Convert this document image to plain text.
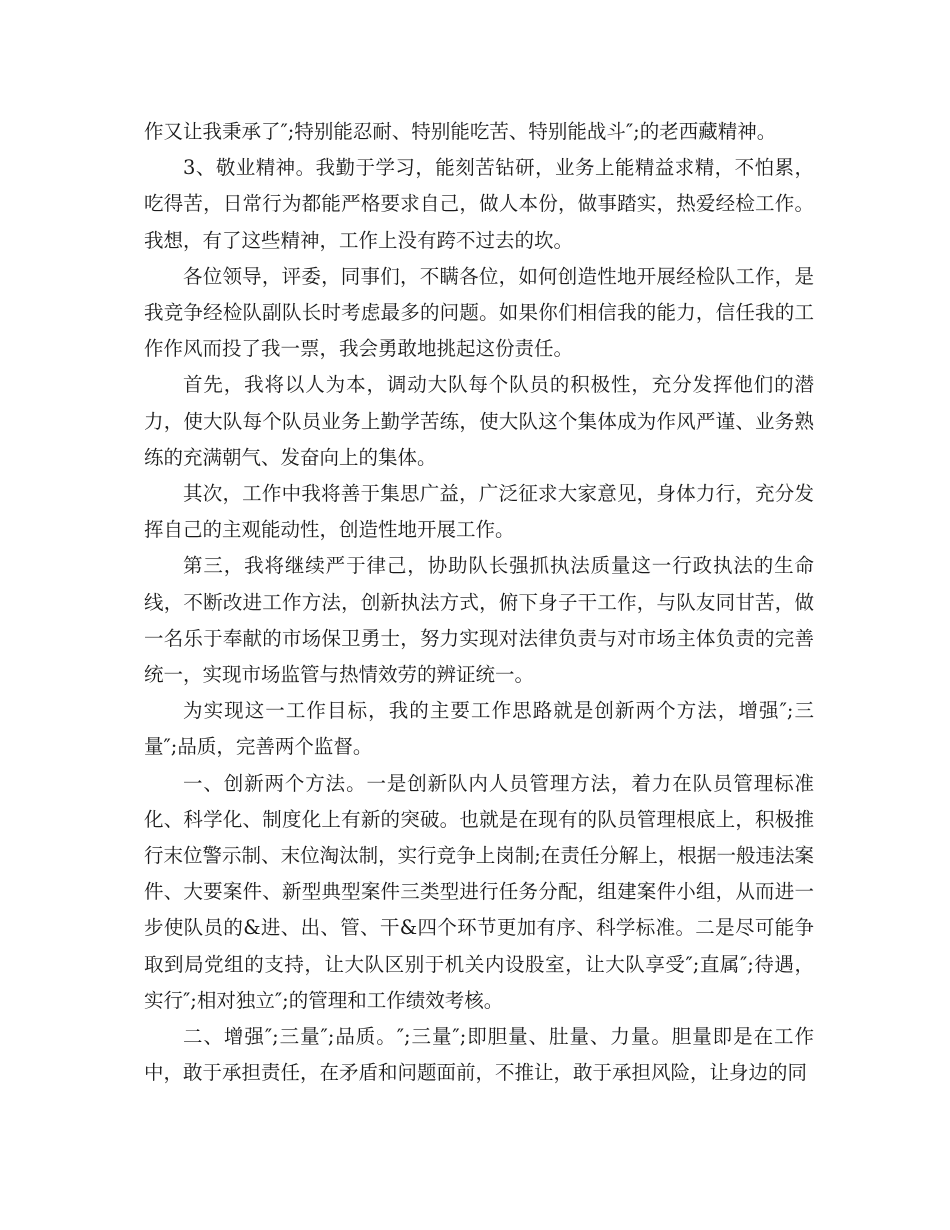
作又让我秉承了″;特别能忍耐、特别能吃苦、特别能战斗″;的老西藏精神。

3、敬业精神。我勤于学习，能刻苦钻研，业务上能精益求精，不怕累，吃得苦，日常行为都能严格要求自己，做人本份，做事踏实，热爱经检工作。我想，有了这些精神，工作上没有跨不过去的坎。

各位领导，评委，同事们，不瞒各位，如何创造性地开展经检队工作，是我竞争经检队副队长时考虑最多的问题。如果你们相信我的能力，信任我的工作作风而投了我一票，我会勇敢地挑起这份责任。

首先，我将以人为本，调动大队每个队员的积极性，充分发挥他们的潜力，使大队每个队员业务上勤学苦练，使大队这个集体成为作风严谨、业务熟练的充满朝气、发奋向上的集体。

其次，工作中我将善于集思广益，广泛征求大家意见，身体力行，充分发挥自己的主观能动性，创造性地开展工作。

第三，我将继续严于律己，协助队长强抓执法质量这一行政执法的生命线，不断改进工作方法，创新执法方式，俯下身子干工作，与队友同甘苦，做一名乐于奉献的市场保卫勇士，努力实现对法律负责与对市场主体负责的完善统一，实现市场监管与热情效劳的辨证统一。

为实现这一工作目标，我的主要工作思路就是创新两个方法，增强″;三量″;品质，完善两个监督。

一、创新两个方法。一是创新队内人员管理方法，着力在队员管理标准化、科学化、制度化上有新的突破。也就是在现有的队员管理根底上，积极推行末位警示制、末位淘汰制，实行竞争上岗制;在责任分解上，根据一般违法案件、大要案件、新型典型案件三类型进行任务分配，组建案件小组，从而进一步使队员的&进、出、管、干&四个环节更加有序、科学标准。二是尽可能争取到局党组的支持，让大队区别于机关内设股室，让大队享受″;直属″;待遇，实行″;相对独立″;的管理和工作绩效考核。

二、增强″;三量″;品质。″;三量″;即胆量、肚量、力量。胆量即是在工作中，敢于承担责任，在矛盾和问题面前，不推让，敢于承担风险，让身边的同
